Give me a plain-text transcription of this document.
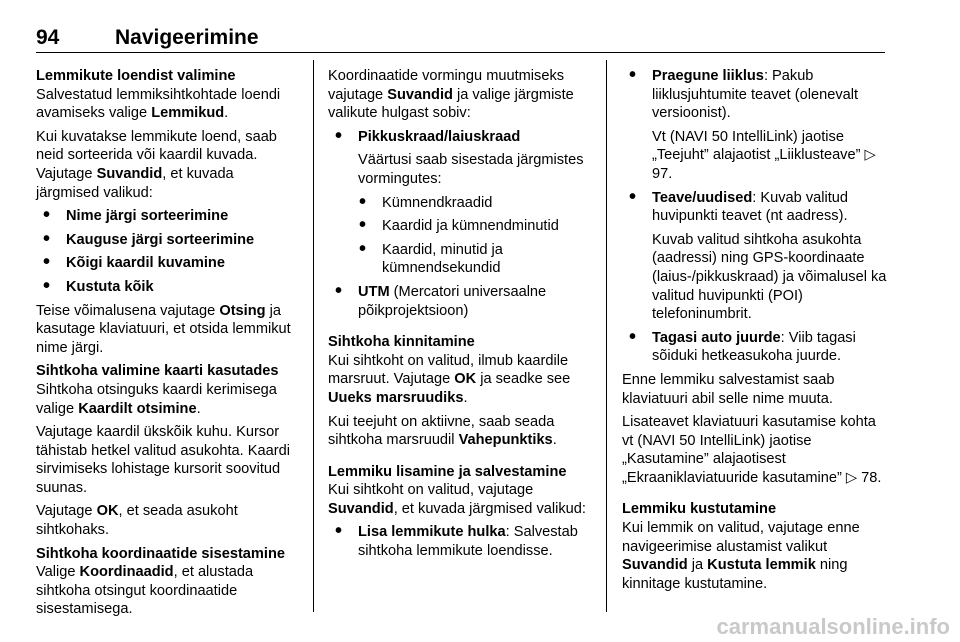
94	Navigeerimine

Lemmikute loendist valimine

Salvestatud lemmiksihtkohtade loendi avamiseks valige Lemmikud.

Kui kuvatakse lemmikute loend, saab neid sorteerida või kaardil kuvada. Vajutage Suvandid, et kuvada järgmised valikud:

• Nime järgi sorteerimine
• Kauguse järgi sorteerimine
• Kõigi kaardil kuvamine
• Kustuta kõik

Teise võimalusena vajutage Otsing ja kasutage klaviatuuri, et otsida lemmikut nime järgi.

Sihtkoha valimine kaarti kasutades

Sihtkoha otsinguks kaardi kerimisega valige Kaardilt otsimine.

Vajutage kaardil ükskõik kuhu. Kursor tähistab hetkel valitud asukohta. Kaardi sirvimiseks lohistage kursorit soovitud suunas.

Vajutage OK, et seada asukoht sihtkohaks.

Sihtkoha koordinaatide sisestamine

Valige Koordinaadid, et alustada sihtkoha otsingut koordinaatide sisestamisega.

Koordinaatide vormingu muutmiseks vajutage Suvandid ja valige järgmiste valikute hulgast sobiv:

• Pikkuskraad/laiuskraad

Väärtusi saab sisestada järgmistes vormingutes:

• Kümnendkraadid
• Kaardid ja kümnendminutid
• Kaardid, minutid ja kümnendsekundid
• UTM (Mercatori universaalne põikprojektsioon)

Sihtkoha kinnitamine

Kui sihtkoht on valitud, ilmub kaardile marsruut. Vajutage OK ja seadke see Uueks marsruudiks.

Kui teejuht on aktiivne, saab seada sihtkoha marsruudil Vahepunktiks.

Lemmiku lisamine ja salvestamine

Kui sihtkoht on valitud, vajutage Suvandid, et kuvada järgmised valikud:

• Lisa lemmikute hulka: Salvestab sihtkoha lemmikute loendisse.
• Praegune liiklus: Pakub liiklusjuhtumite teavet (olenevalt versioonist).

Vt (NAVI 50 IntelliLink) jaotise „Teejuht” alajaotist „Liiklusteave” ▷ 97.

• Teave/uudised: Kuvab valitud huvipunkti teavet (nt aadress).

Kuvab valitud sihtkoha asukohta (aadressi) ning GPS-koordinaate (laius-/pikkuskraad) ja võimalusel ka valitud huvipunkti (POI) telefoninumbrit.

• Tagasi auto juurde: Viib tagasi sõiduki hetkeasukoha juurde.

Enne lemmiku salvestamist saab klaviatuuri abil selle nime muuta.

Lisateavet klaviatuuri kasutamise kohta vt (NAVI 50 IntelliLink) jaotise „Kasutamine” alajaotisest „Ekraaniklaviatuuride kasutamine” ▷ 78.

Lemmiku kustutamine

Kui lemmik on valitud, vajutage enne navigeerimise alustamist valikut Suvandid ja Kustuta lemmik ning kinnitage kustutamine.

carmanualsonline.info
